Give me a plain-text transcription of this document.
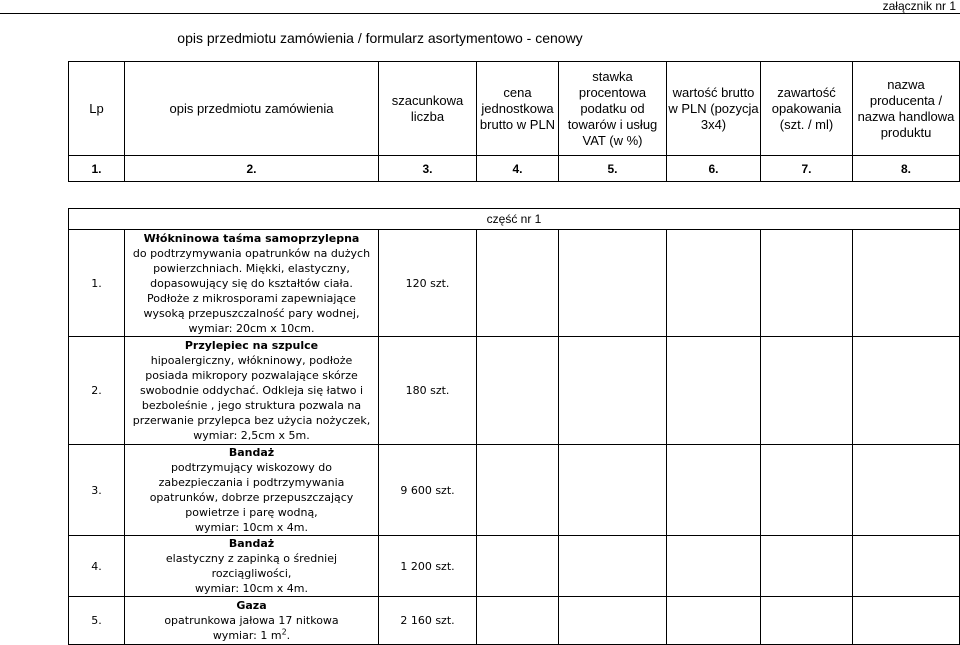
załącznik nr 1
opis przedmiotu zamówienia / formularz asortymentowo - cenowy
Lp	opis przedmiotu zamówienia	szacunkowa liczba	cena jednostkowa brutto w PLN	stawka procentowa podatku od towarów i usług VAT (w %)	wartość brutto w PLN (pozycja 3x4)	zawartość opakowania (szt. / ml)	nazwa producenta / nazwa handlowa produktu
1.	2.	3.	4.	5.	6.	7.	8.

część nr 1							
1.	Włókninowa taśma samoprzylepna
do podtrzymywania opatrunków na dużych powierzchniach. Miękki, elastyczny, dopasowujący się do kształtów ciała. Podłoże z mikrosporami zapewniające wysoką przepuszczalność pary wodnej,
wymiar: 20cm x 10cm.	120 szt.					
2.	Przylepiec na szpulce
hipoalergiczny, włókninowy, podłoże posiada mikropory pozwalające skórze swobodnie oddychać. Odkleja się łatwo i bezboleśnie , jego struktura pozwala na przerwanie przylepca bez użycia nożyczek,
wymiar: 2,5cm x 5m.	180 szt.					
3.	Bandaż
podtrzymujący wiskozowy do zabezpieczania i podtrzymywania opatrunków, dobrze przepuszczający powietrze i parę wodną,
wymiar: 10cm x 4m.	9 600 szt.					
4.	Bandaż
elastyczny z zapinką o średniej rozciągliwości,
wymiar: 10cm x 4m.	1 200 szt.					
5.	Gaza
opatrunkowa jałowa 17 nitkowa
wymiar: 1 $m^2$.	2 160 szt.					
